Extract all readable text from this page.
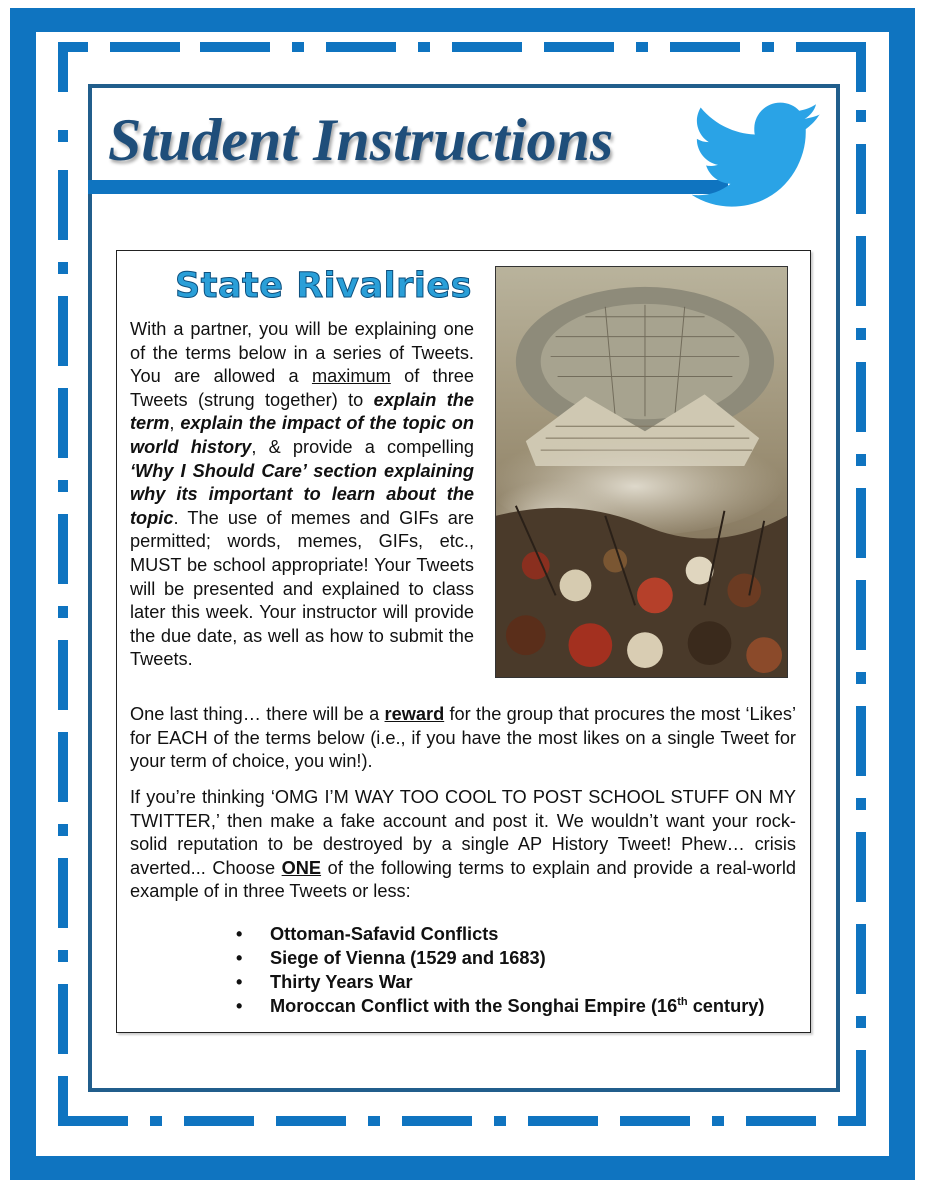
Student Instructions
State Rivalries

With a partner, you will be explaining one of the terms below in a series of Tweets. You are allowed a maximum of three Tweets (strung together) to explain the term, explain the impact of the topic on world history, & provide a compelling ‘Why I Should Care’ section explaining why its important to learn about the topic. The use of memes and GIFs are permitted; words, memes, GIFs, etc., MUST be school appropriate! Your Tweets will be presented and explained to class later this week. Your instructor will provide the due date, as well as how to submit the Tweets.

One last thing… there will be a reward for the group that procures the most ‘Likes’ for EACH of the terms below (i.e., if you have the most likes on a single Tweet for your term of choice, you win!).

If you’re thinking ‘OMG I’M WAY TOO COOL TO POST SCHOOL STUFF ON MY TWITTER,’ then make a fake account and post it. We wouldn’t want your rock-solid reputation to be destroyed by a single AP History Tweet! Phew… crisis averted... Choose ONE of the following terms to explain and provide a real-world example of in three Tweets or less:

• Ottoman-Safavid Conflicts
• Siege of Vienna (1529 and 1683)
• Thirty Years War
• Moroccan Conflict with the Songhai Empire (16th century)
